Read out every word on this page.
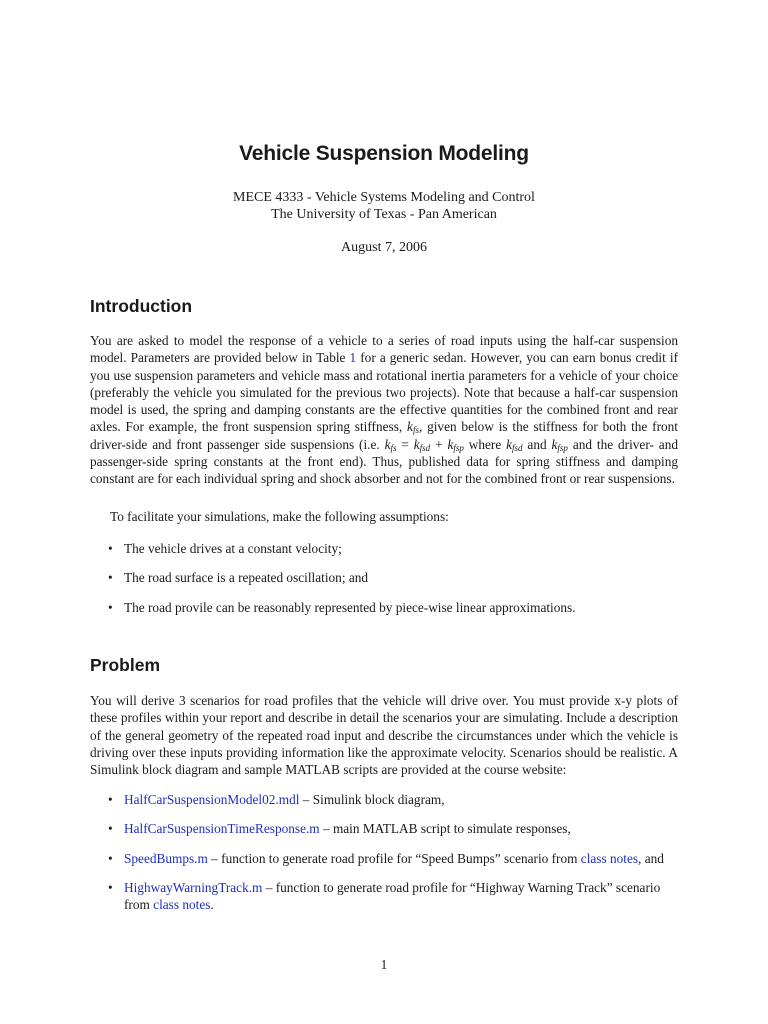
Vehicle Suspension Modeling
MECE 4333 - Vehicle Systems Modeling and Control
The University of Texas - Pan American
August 7, 2006
Introduction

You are asked to model the response of a vehicle to a series of road inputs using the half-car suspension model. Parameters are provided below in Table 1 for a generic sedan. However, you can earn bonus credit if you use suspension parameters and vehicle mass and rotational inertia parameters for a vehicle of your choice (preferably the vehicle you simulated for the previous two projects). Note that because a half-car suspension model is used, the spring and damping constants are the effective quantities for the combined front and rear axles. For example, the front suspension spring stiffness, $k_{fs}$, given below is the stiffness for both the front driver-side and front passenger side suspensions (i.e. $k_{fs} = k_{fsd} + k_{fsp}$ where $k_{fsd}$ and $k_{fsp}$ and the driver- and passenger-side spring constants at the front end). Thus, published data for spring stiffness and damping constant are for each individual spring and shock absorber and not for the combined front or rear suspensions.

To facilitate your simulations, make the following assumptions:

• The vehicle drives at a constant velocity;
• The road surface is a repeated oscillation; and
• The road provile can be reasonably represented by piece-wise linear approximations.
Problem

You will derive 3 scenarios for road profiles that the vehicle will drive over. You must provide x-y plots of these profiles within your report and describe in detail the scenarios your are simulating. Include a description of the general geometry of the repeated road input and describe the circumstances under which the vehicle is driving over these inputs providing information like the approximate velocity. Scenarios should be realistic. A Simulink block diagram and sample MATLAB scripts are provided at the course website:

• HalfCarSuspensionModel02.mdl – Simulink block diagram,
• HalfCarSuspensionTimeResponse.m – main MATLAB script to simulate responses,
• SpeedBumps.m – function to generate road profile for “Speed Bumps” scenario from class notes, and
• HighwayWarningTrack.m – function to generate road profile for “Highway Warning Track” scenario from class notes.
1
